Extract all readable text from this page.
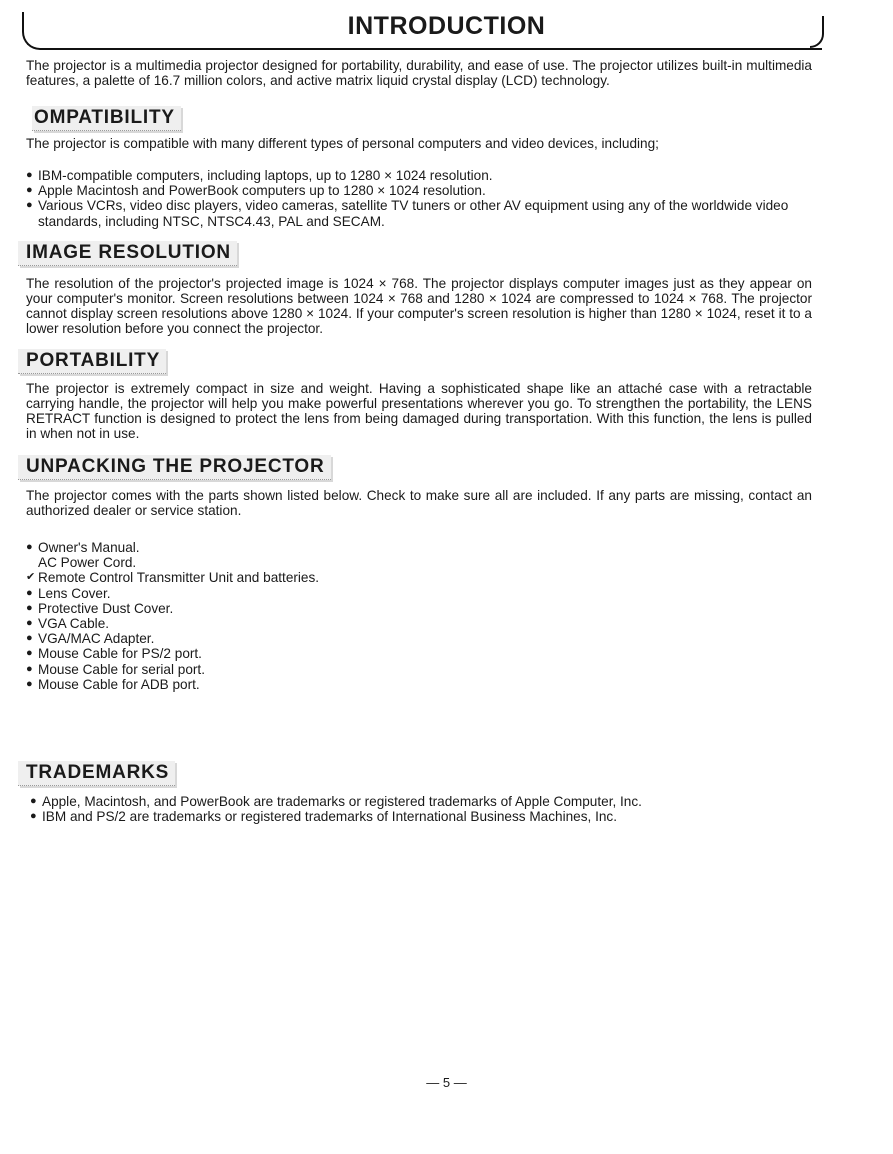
INTRODUCTION

The projector is a multimedia projector designed for portability, durability, and ease of use. The projector utilizes built-in multimedia features, a palette of 16.7 million colors, and active matrix liquid crystal display (LCD) technology.

OMPATIBILITY

The projector is compatible with many different types of personal computers and video devices, including;

● IBM-compatible computers, including laptops, up to 1280 × 1024 resolution.
● Apple Macintosh and PowerBook computers up to 1280 × 1024 resolution.
● Various VCRs, video disc players, video cameras, satellite TV tuners or other AV equipment using any of the worldwide video standards, including NTSC, NTSC4.43, PAL and SECAM.
IMAGE RESOLUTION

The resolution of the projector's projected image is 1024 × 768. The projector displays computer images just as they appear on your computer's monitor. Screen resolutions between 1024 × 768 and 1280 × 1024 are compressed to 1024 × 768. The projector cannot display screen resolutions above 1280 × 1024. If your computer's screen resolution is higher than 1280 × 1024, reset it to a lower resolution before you connect the projector.

PORTABILITY

The projector is extremely compact in size and weight. Having a sophisticated shape like an attaché case with a retractable carrying handle, the projector will help you make powerful presentations wherever you go. To strengthen the portability, the LENS RETRACT function is designed to protect the lens from being damaged during transportation. With this function, the lens is pulled in when not in use.

UNPACKING THE PROJECTOR

The projector comes with the parts shown listed below. Check to make sure all are included. If any parts are missing, contact an authorized dealer or service station.

● Owner's Manual.
AC Power Cord.
✔ Remote Control Transmitter Unit and batteries.
● Lens Cover.
● Protective Dust Cover.
● VGA Cable.
● VGA/MAC Adapter.
● Mouse Cable for PS/2 port.
● Mouse Cable for serial port.
● Mouse Cable for ADB port.
TRADEMARKS
● Apple, Macintosh, and PowerBook are trademarks or registered trademarks of Apple Computer, Inc.
● IBM and PS/2 are trademarks or registered trademarks of International Business Machines, Inc.
— 5 —
